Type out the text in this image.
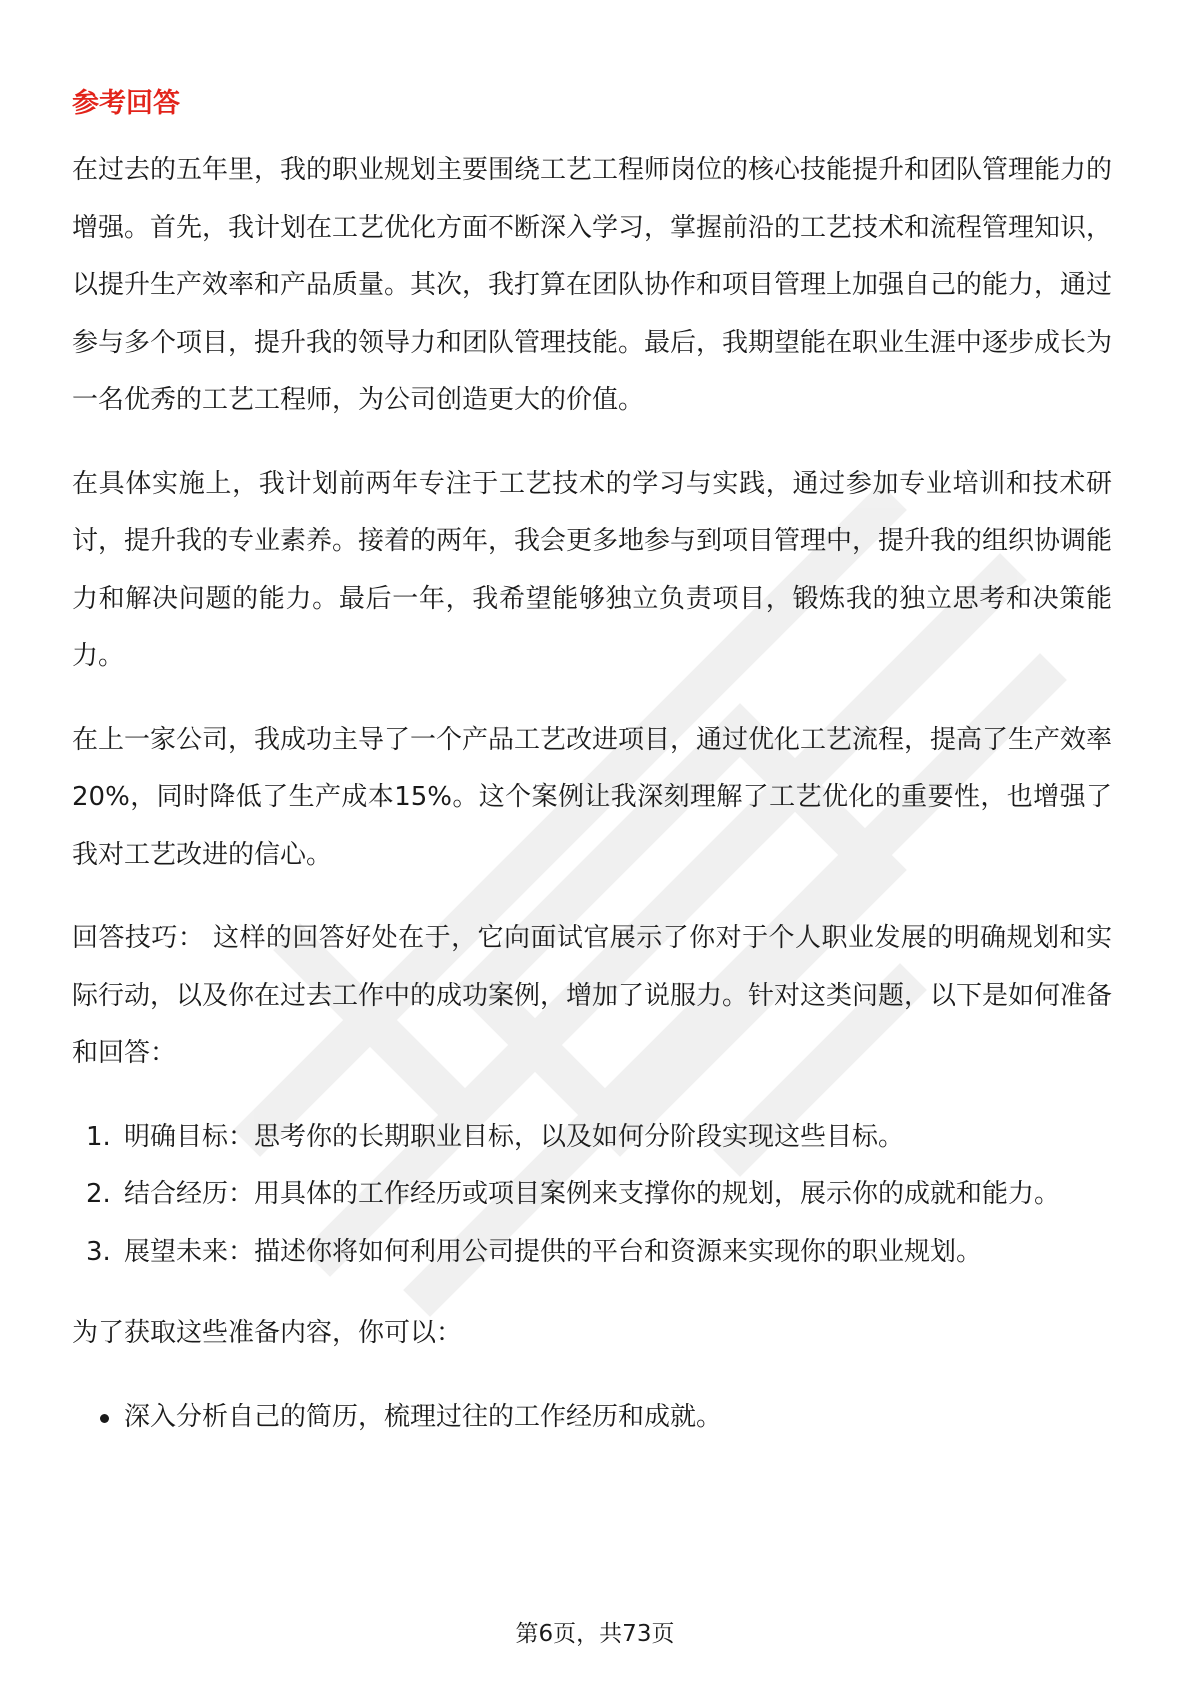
参考回答

在过去的五年里，我的职业规划主要围绕工艺工程师岗位的核心技能提升和团队管理能力的增强。首先，我计划在工艺优化方面不断深入学习，掌握前沿的工艺技术和流程管理知识，以提升生产效率和产品质量。其次，我打算在团队协作和项目管理上加强自己的能力，通过参与多个项目，提升我的领导力和团队管理技能。最后，我期望能在职业生涯中逐步成长为一名优秀的工艺工程师，为公司创造更大的价值。

在具体实施上，我计划前两年专注于工艺技术的学习与实践，通过参加专业培训和技术研讨，提升我的专业素养。接着的两年，我会更多地参与到项目管理中，提升我的组织协调能力和解决问题的能力。最后一年，我希望能够独立负责项目，锻炼我的独立思考和决策能力。

在上一家公司，我成功主导了一个产品工艺改进项目，通过优化工艺流程，提高了生产效率20%，同时降低了生产成本15%。这个案例让我深刻理解了工艺优化的重要性，也增强了我对工艺改进的信心。

回答技巧： 这样的回答好处在于，它向面试官展示了你对于个人职业发展的明确规划和实际行动，以及你在过去工作中的成功案例，增加了说服力。针对这类问题，以下是如何准备和回答：

1. 明确目标：思考你的长期职业目标，以及如何分阶段实现这些目标。
2. 结合经历：用具体的工作经历或项目案例来支撑你的规划，展示你的成就和能力。
3. 展望未来：描述你将如何利用公司提供的平台和资源来实现你的职业规划。

为了获取这些准备内容，你可以：

深入分析自己的简历，梳理过往的工作经历和成就。
第6页，共73页
